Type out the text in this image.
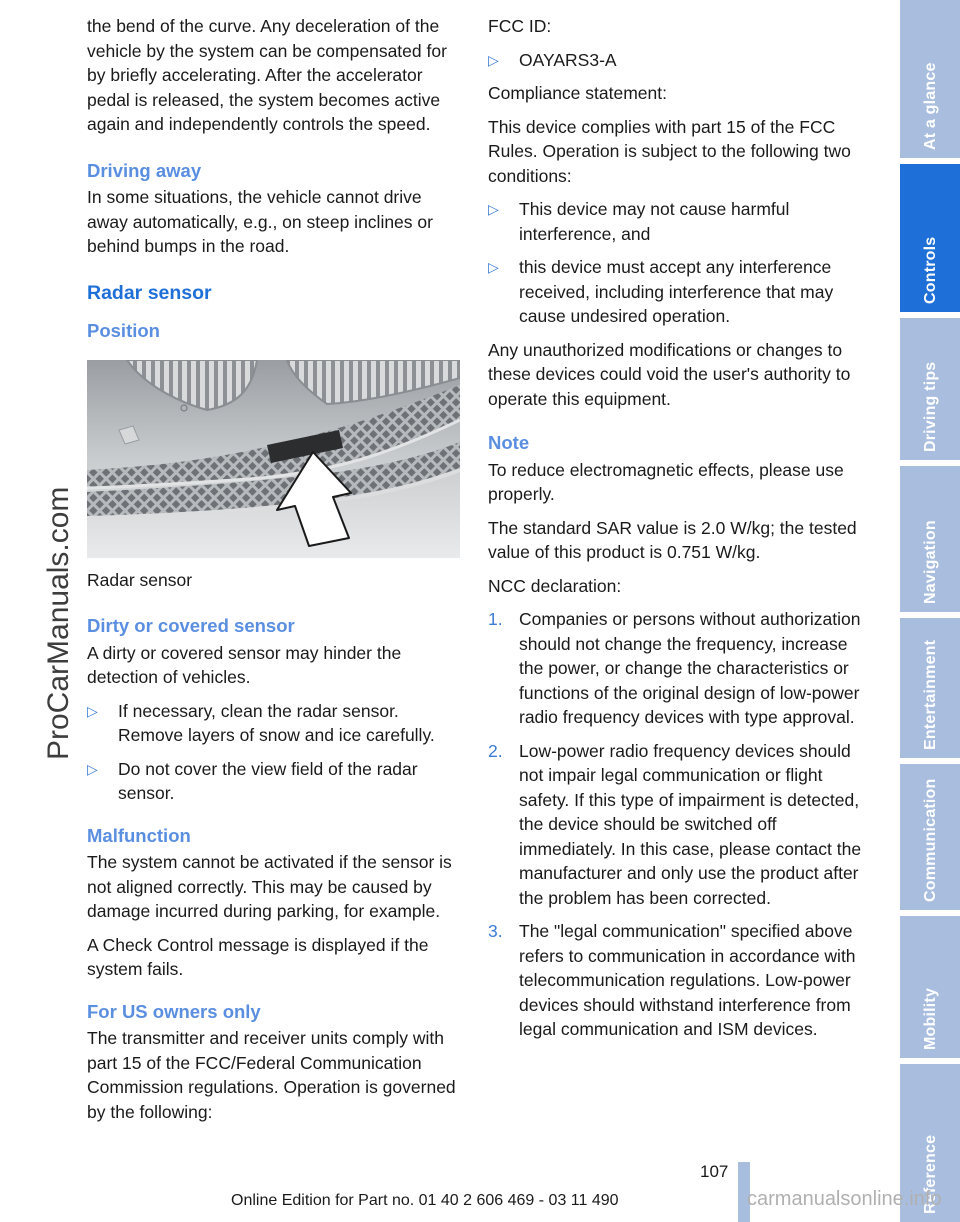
the bend of the curve. Any deceleration of the vehicle by the system can be compensated for by briefly accelerating. After the accelerator pedal is released, the system becomes active again and independently controls the speed.

Driving away

In some situations, the vehicle cannot drive away automatically, e.g., on steep inclines or behind bumps in the road.

Radar sensor
Position

Radar sensor

Dirty or covered sensor

A dirty or covered sensor may hinder the detection of vehicles.

▷ If necessary, clean the radar sensor. Remove layers of snow and ice carefully.
▷ Do not cover the view field of the radar sensor.
Malfunction

The system cannot be activated if the sensor is not aligned correctly. This may be caused by damage incurred during parking, for example.

A Check Control message is displayed if the system fails.

For US owners only

The transmitter and receiver units comply with part 15 of the FCC/Federal Communication Commission regulations. Operation is governed by the following:

FCC ID:

▷ OAYARS3-A

Compliance statement:

This device complies with part 15 of the FCC Rules. Operation is subject to the following two conditions:

▷ This device may not cause harmful interference, and
▷ this device must accept any interference received, including interference that may cause undesired operation.

Any unauthorized modifications or changes to these devices could void the user's authority to operate this equipment.

Note

To reduce electromagnetic effects, please use properly.

The standard SAR value is 2.0 W/kg; the tested value of this product is 0.751 W/kg.

NCC declaration:

1. Companies or persons without authorization should not change the frequency, increase the power, or change the characteristics or functions of the original design of low-power radio frequency devices with type approval.
2. Low-power radio frequency devices should not impair legal communication or flight safety. If this type of impairment is detected, the device should be switched off immediately. In this case, please contact the manufacturer and only use the product after the problem has been corrected.
3. The "legal communication" specified above refers to communication in accordance with telecommunication regulations. Low-power devices should withstand interference from legal communication and ISM devices.
At a glance
Controls
Driving tips
Navigation
Entertainment
Communication
Mobility
Reference
ProCarManuals.com
107
Online Edition for Part no. 01 40 2 606 469 - 03 11 490	carmanualsonline.info
